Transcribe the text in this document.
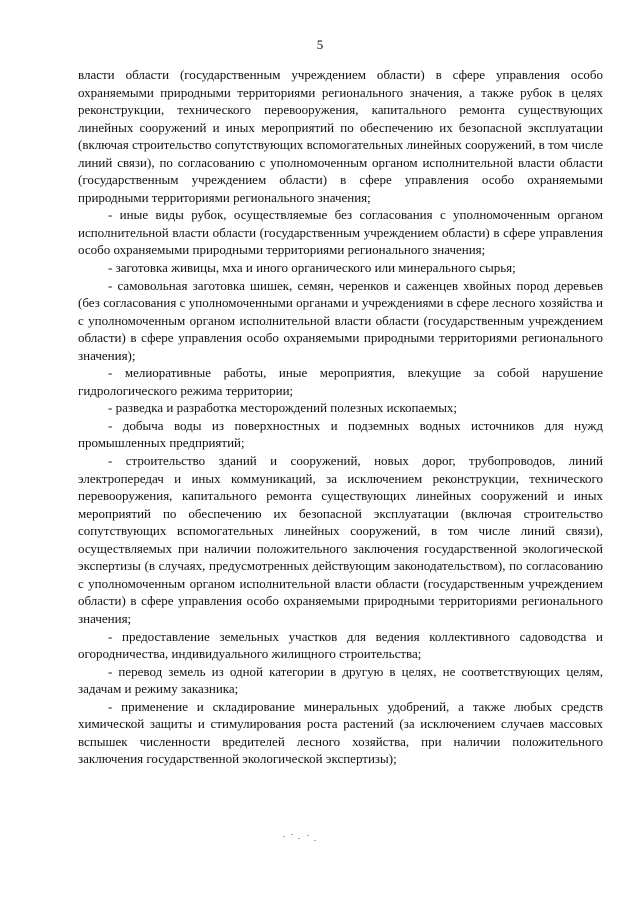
5

власти области (государственным учреждением области) в сфере управления особо охраняемыми природными территориями регионального значения, а также рубок в целях реконструкции, технического перевооружения, капитального ремонта существующих линейных сооружений и иных мероприятий по обеспечению их безопасной эксплуатации (включая строительство сопутствующих вспомогательных линейных сооружений, в том числе линий связи), по согласованию с уполномоченным органом исполнительной власти области (государственным учреждением области) в сфере управления особо охраняемыми природными территориями регионального значения;

- иные виды рубок, осуществляемые без согласования с уполномоченным органом исполнительной власти области (государственным учреждением области) в сфере управления особо охраняемыми природными территориями регионального значения;

- заготовка живицы, мха и иного органического или минерального сырья;

- самовольная заготовка шишек, семян, черенков и саженцев хвойных пород деревьев (без согласования с уполномоченными органами и учреждениями в сфере лесного хозяйства и с уполномоченным органом исполнительной власти области (государственным учреждением области) в сфере управления особо охраняемыми природными территориями регионального значения);

- мелиоративные работы, иные мероприятия, влекущие за собой нарушение гидрологического режима территории;

- разведка и разработка месторождений полезных ископаемых;

- добыча воды из поверхностных и подземных водных источников для нужд промышленных предприятий;

- строительство зданий и сооружений, новых дорог, трубопроводов, линий электропередач и иных коммуникаций, за исключением реконструкции, технического перевооружения, капитального ремонта существующих линейных сооружений и иных мероприятий по обеспечению их безопасной эксплуатации (включая строительство сопутствующих вспомогательных линейных сооружений, в том числе линий связи), осуществляемых при наличии положительного заключения государственной экологической экспертизы (в случаях, предусмотренных действующим законодательством), по согласованию с уполномоченным органом исполнительной власти области (государственным учреждением области) в сфере управления особо охраняемыми природными территориями регионального значения;

- предоставление земельных участков для ведения коллективного садоводства и огородничества, индивидуального жилищного строительства;

- перевод земель из одной категории в другую в целях, не соответствующих целям, задачам и режиму заказника;

- применение и складирование минеральных удобрений, а также любых средств химической защиты и стимулирования роста растений (за исключением случаев массовых вспышек численности вредителей лесного хозяйства, при наличии положительного заключения государственной экологической экспертизы);
